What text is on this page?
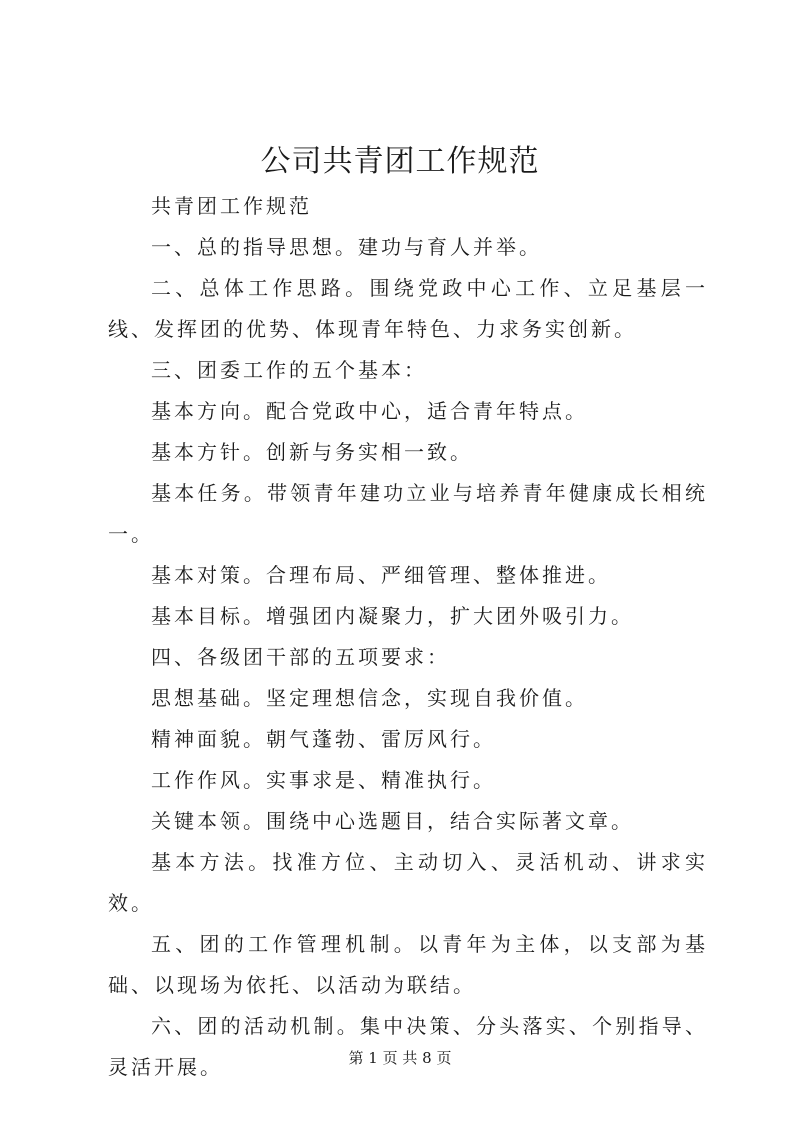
公司共青团工作规范

共青团工作规范

一、总的指导思想。建功与育人并举。

二、总体工作思路。围绕党政中心工作、立足基层一线、发挥团的优势、体现青年特色、力求务实创新。

三、团委工作的五个基本：

基本方向。配合党政中心，适合青年特点。

基本方针。创新与务实相一致。

基本任务。带领青年建功立业与培养青年健康成长相统一。

基本对策。合理布局、严细管理、整体推进。

基本目标。增强团内凝聚力，扩大团外吸引力。

四、各级团干部的五项要求：

思想基础。坚定理想信念，实现自我价值。

精神面貌。朝气蓬勃、雷厉风行。

工作作风。实事求是、精准执行。

关键本领。围绕中心选题目，结合实际著文章。

基本方法。找准方位、主动切入、灵活机动、讲求实效。

五、团的工作管理机制。以青年为主体，以支部为基础、以现场为依托、以活动为联结。

六、团的活动机制。集中决策、分头落实、个别指导、灵活开展。	第 1 页 共 8 页
